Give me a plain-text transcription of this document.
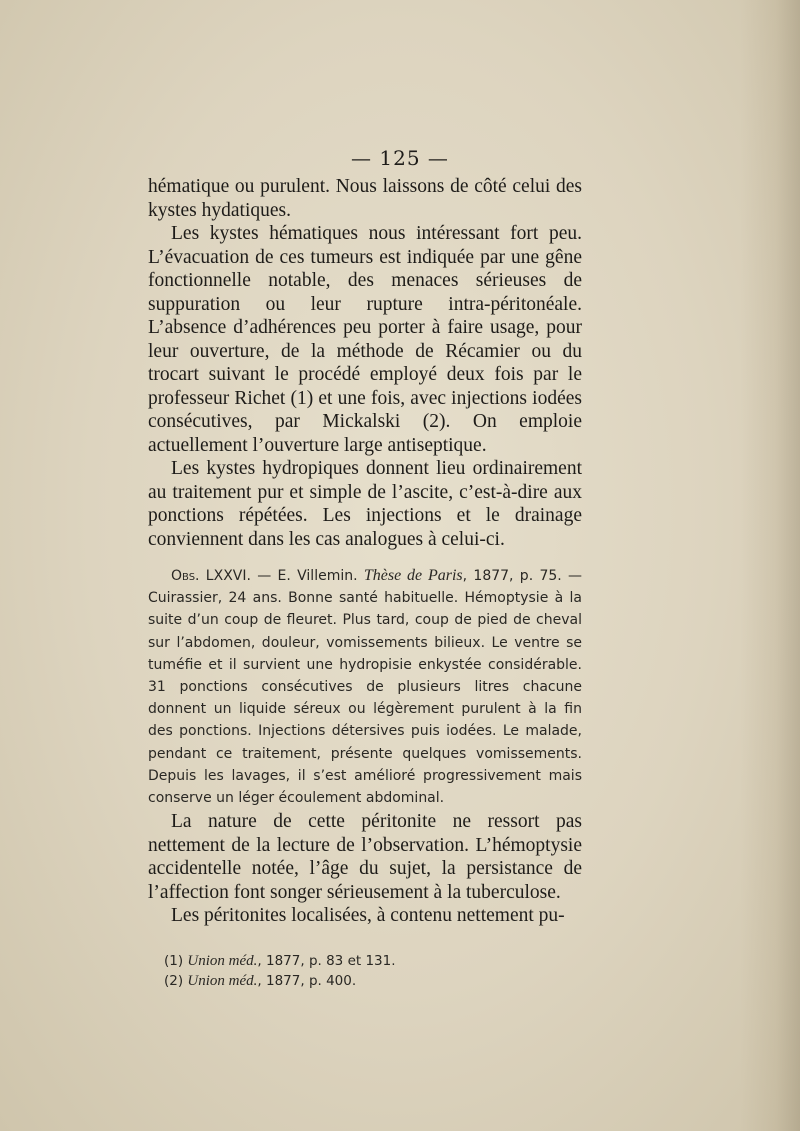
— 125 —

hématique ou purulent. Nous laissons de côté celui des kystes hydatiques.

Les kystes hématiques nous intéressant fort peu. L’évacuation de ces tumeurs est indiquée par une gêne fonctionnelle notable, des menaces sérieuses de suppuration ou leur rupture intra-péritonéale. L’absence d’adhérences peu porter à faire usage, pour leur ouverture, de la méthode de Récamier ou du trocart suivant le procédé employé deux fois par le professeur Richet (1) et une fois, avec injections iodées consécutives, par Mickalski (2). On emploie actuellement l’ouverture large antiseptique.

Les kystes hydropiques donnent lieu ordinairement au traitement pur et simple de l’ascite, c’est-à-dire aux ponctions répétées. Les injections et le drainage conviennent dans les cas analogues à celui-ci.

Obs. LXXVI. — E. Villemin. Thèse de Paris, 1877, p. 75. — Cuirassier, 24 ans. Bonne santé habituelle. Hémoptysie à la suite d’un coup de fleuret. Plus tard, coup de pied de cheval sur l’abdomen, douleur, vomissements bilieux. Le ventre se tuméfie et il survient une hydropisie enkystée considérable. 31 ponctions consécutives de plusieurs litres chacune donnent un liquide séreux ou légèrement purulent à la fin des ponctions. Injections détersives puis iodées. Le malade, pendant ce traitement, présente quelques vomissements. Depuis les lavages, il s’est amélioré progressivement mais conserve un léger écoulement abdominal.

La nature de cette péritonite ne ressort pas nettement de la lecture de l’observation. L’hémoptysie accidentelle notée, l’âge du sujet, la persistance de l’affection font songer sérieusement à la tuberculose.

Les péritonites localisées, à contenu nettement pu-

(1) Union méd., 1877, p. 83 et 131.
(2) Union méd., 1877, p. 400.
